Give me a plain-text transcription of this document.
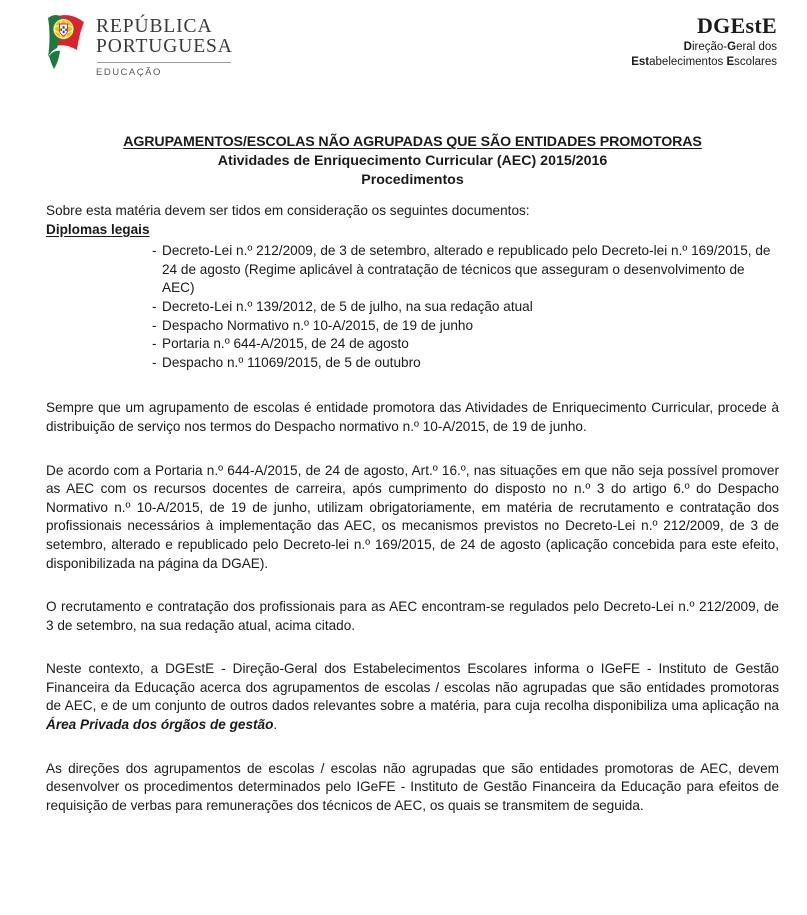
REPÚBLICA
PORTUGUESA
EDUCAÇÃO
DGEstE
Direção-Geral dos
Estabelecimentos Escolares
AGRUPAMENTOS/ESCOLAS NÃO AGRUPADAS QUE SÃO ENTIDADES PROMOTORAS
Atividades de Enriquecimento Curricular (AEC) 2015/2016
Procedimentos

Sobre esta matéria devem ser tidos em consideração os seguintes documentos:

Diplomas legais
- Decreto-Lei n.º 212/2009, de 3 de setembro, alterado e republicado pelo Decreto-lei n.º 169/2015, de 24 de agosto (Regime aplicável à contratação de técnicos que asseguram o desenvolvimento de AEC)
- Decreto-Lei n.º 139/2012, de 5 de julho, na sua redação atual
- Despacho Normativo n.º 10-A/2015, de 19 de junho
- Portaria n.º 644-A/2015, de 24 de agosto
- Despacho n.º 11069/2015, de 5 de outubro

Sempre que um agrupamento de escolas é entidade promotora das Atividades de Enriquecimento Curricular, procede à distribuição de serviço nos termos do Despacho normativo n.º 10-A/2015, de 19 de junho.

De acordo com a Portaria n.º 644-A/2015, de 24 de agosto, Art.º 16.º, nas situações em que não seja possível promover as AEC com os recursos docentes de carreira, após cumprimento do disposto no n.º 3 do artigo 6.º do Despacho Normativo n.º 10-A/2015, de 19 de junho, utilizam obrigatoriamente, em matéria de recrutamento e contratação dos profissionais necessários à implementação das AEC, os mecanismos previstos no Decreto-Lei n.º 212/2009, de 3 de setembro, alterado e republicado pelo Decreto-lei n.º 169/2015, de 24 de agosto (aplicação concebida para este efeito, disponibilizada na página da DGAE).

O recrutamento e contratação dos profissionais para as AEC encontram-se regulados pelo Decreto-Lei n.º 212/2009, de 3 de setembro, na sua redação atual, acima citado.

Neste contexto, a DGEstE - Direção-Geral dos Estabelecimentos Escolares informa o IGeFE - Instituto de Gestão Financeira da Educação acerca dos agrupamentos de escolas / escolas não agrupadas que são entidades promotoras de AEC, e de um conjunto de outros dados relevantes sobre a matéria, para cuja recolha disponibiliza uma aplicação na Área Privada dos órgãos de gestão.

As direções dos agrupamentos de escolas / escolas não agrupadas que são entidades promotoras de AEC, devem desenvolver os procedimentos determinados pelo IGeFE - Instituto de Gestão Financeira da Educação para efeitos de requisição de verbas para remunerações dos técnicos de AEC, os quais se transmitem de seguida.
